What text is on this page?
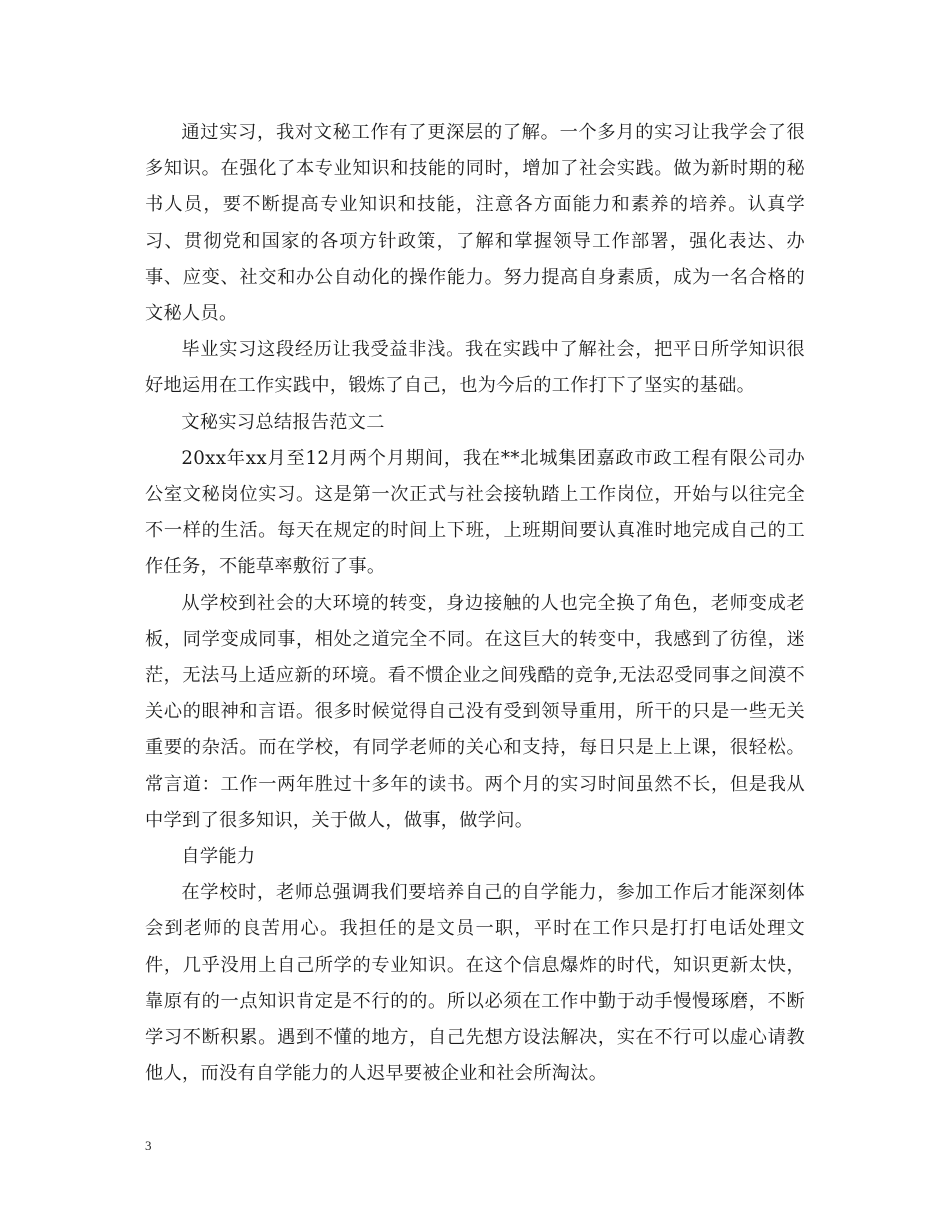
通过实习，我对文秘工作有了更深层的了解。一个多月的实习让我学会了很多知识。在强化了本专业知识和技能的同时，增加了社会实践。做为新时期的秘书人员，要不断提高专业知识和技能，注意各方面能力和素养的培养。认真学习、贯彻党和国家的各项方针政策，了解和掌握领导工作部署，强化表达、办事、应变、社交和办公自动化的操作能力。努力提高自身素质，成为一名合格的文秘人员。

毕业实习这段经历让我受益非浅。我在实践中了解社会，把平日所学知识很好地运用在工作实践中，锻炼了自己，也为今后的工作打下了坚实的基础。

文秘实习总结报告范文二

20xx年xx月至12月两个月期间，我在**北城集团嘉政市政工程有限公司办公室文秘岗位实习。这是第一次正式与社会接轨踏上工作岗位，开始与以往完全不一样的生活。每天在规定的时间上下班，上班期间要认真准时地完成自己的工作任务，不能草率敷衍了事。

从学校到社会的大环境的转变，身边接触的人也完全换了角色，老师变成老板，同学变成同事，相处之道完全不同。在这巨大的转变中，我感到了彷徨，迷茫，无法马上适应新的环境。看不惯企业之间残酷的竞争,无法忍受同事之间漠不关心的眼神和言语。很多时候觉得自己没有受到领导重用，所干的只是一些无关重要的杂活。而在学校，有同学老师的关心和支持，每日只是上上课，很轻松。常言道：工作一两年胜过十多年的读书。两个月的实习时间虽然不长，但是我从中学到了很多知识，关于做人，做事，做学问。

自学能力

在学校时，老师总强调我们要培养自己的自学能力，参加工作后才能深刻体会到老师的良苦用心。我担任的是文员一职，平时在工作只是打打电话处理文件，几乎没用上自己所学的专业知识。在这个信息爆炸的时代，知识更新太快，靠原有的一点知识肯定是不行的的。所以必须在工作中勤于动手慢慢琢磨，不断学习不断积累。遇到不懂的地方，自己先想方设法解决，实在不行可以虚心请教他人，而没有自学能力的人迟早要被企业和社会所淘汰。

3
